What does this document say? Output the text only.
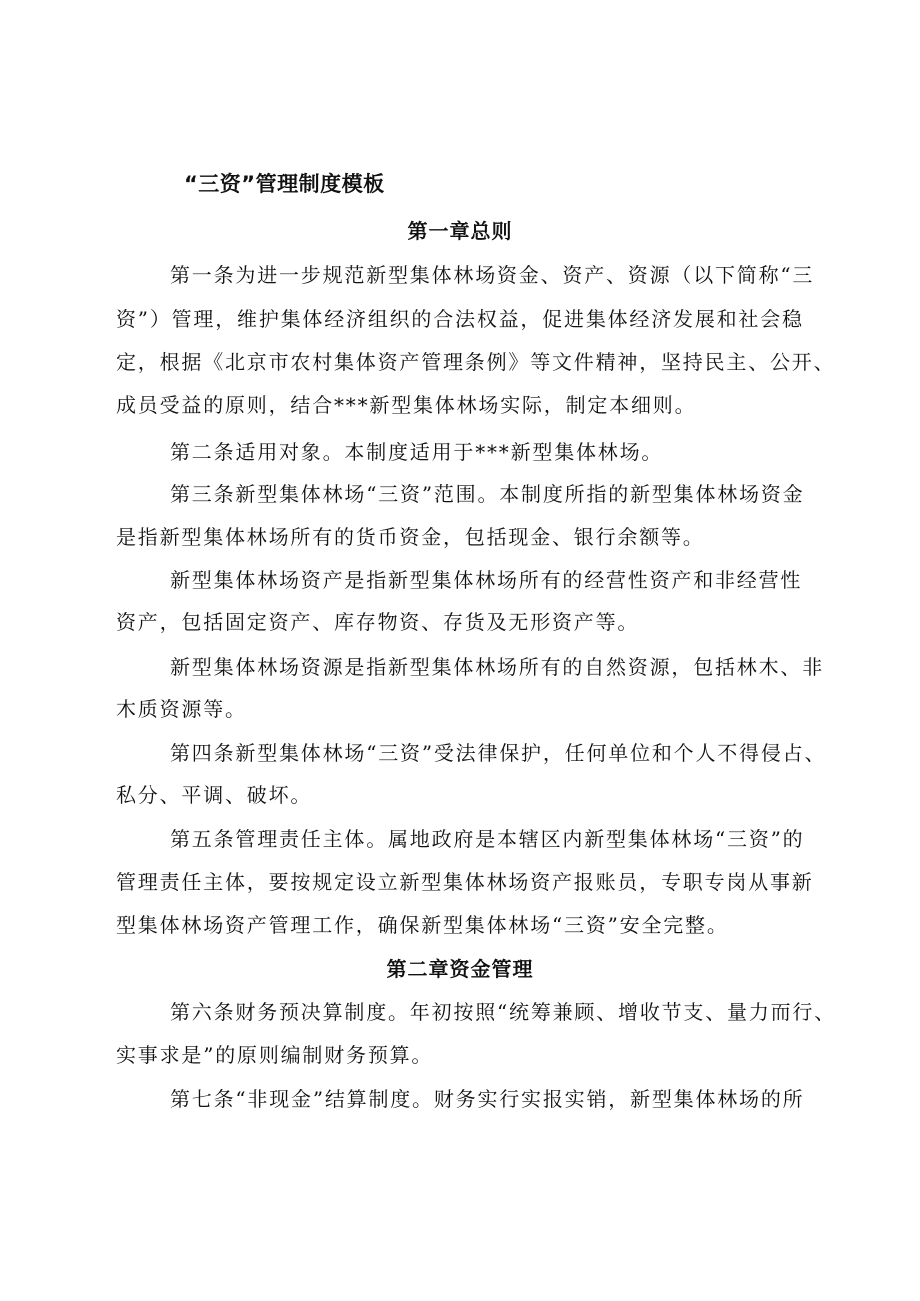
“三资”管理制度模板
第一章总则

第一条为进一步规范新型集体林场资金、资产、资源（以下简称“三

资”）管理，维护集体经济组织的合法权益，促进集体经济发展和社会稳

定，根据《北京市农村集体资产管理条例》等文件精神，坚持民主、公开、

成员受益的原则，结合***新型集体林场实际，制定本细则。

第二条适用对象。本制度适用于***新型集体林场。

第三条新型集体林场“三资”范围。本制度所指的新型集体林场资金

是指新型集体林场所有的货币资金，包括现金、银行余额等。

新型集体林场资产是指新型集体林场所有的经营性资产和非经营性

资产，包括固定资产、库存物资、存货及无形资产等。

新型集体林场资源是指新型集体林场所有的自然资源，包括林木、非

木质资源等。

第四条新型集体林场“三资”受法律保护，任何单位和个人不得侵占、

私分、平调、破坏。

第五条管理责任主体。属地政府是本辖区内新型集体林场“三资”的

管理责任主体，要按规定设立新型集体林场资产报账员，专职专岗从事新

型集体林场资产管理工作，确保新型集体林场“三资”安全完整。

第二章资金管理

第六条财务预决算制度。年初按照“统筹兼顾、增收节支、量力而行、

实事求是”的原则编制财务预算。

第七条“非现金”结算制度。财务实行实报实销，新型集体林场的所
